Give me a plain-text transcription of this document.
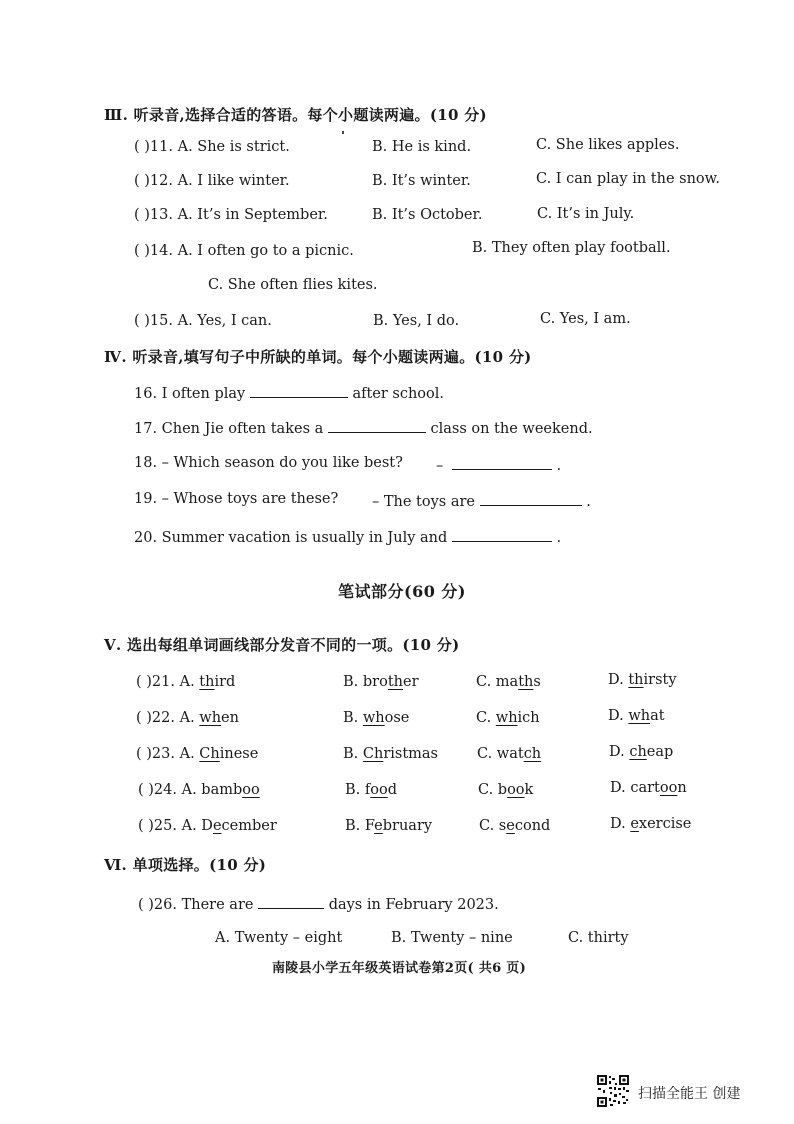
Ⅲ. 听录音,选择合适的答语。每个小题读两遍。(10 分)
( )11. A. She is strict.	B. He is kind.	C. She likes apples.
( )12. A. I like winter.	B. It’s winter.	C. I can play in the snow.
( )13. A. It’s in September.	B. It’s October.	C. It’s in July.
( )14. A. I often go to a picnic.	B. They often play football.
C. She often flies kites.
( )15. A. Yes, I can.	B. Yes, I do.	C. Yes, I am.
Ⅳ. 听录音,填写句子中所缺的单词。每个小题读两遍。(10 分)
16. I often play	after school.
17. Chen Jie often takes a	class on the weekend.
18. – Which season do you like best? –	.
19. – Whose toys are these? – The toys are	.
20. Summer vacation is usually in July and	.
笔试部分(60 分)
Ⅴ. 选出每组单词画线部分发音不同的一项。(10 分)
( )21. A. third	B. brother	C. maths	D. thirsty
( )22. A. when	B. whose	C. which	D. what
( )23. A. Chinese	B. Christmas	C. watch	D. cheap
( )24. A. bamboo	B. food	C. book	D. cartoon
( )25. A. December	B. February	C. second	D. exercise
Ⅵ. 单项选择。(10 分)
( )26. There are	days in February 2023.
A. Twenty – eight	B. Twenty – nine	C. thirty
南陵县小学五年级英语试卷第2页( 共6 页)
扫描全能王 创建
